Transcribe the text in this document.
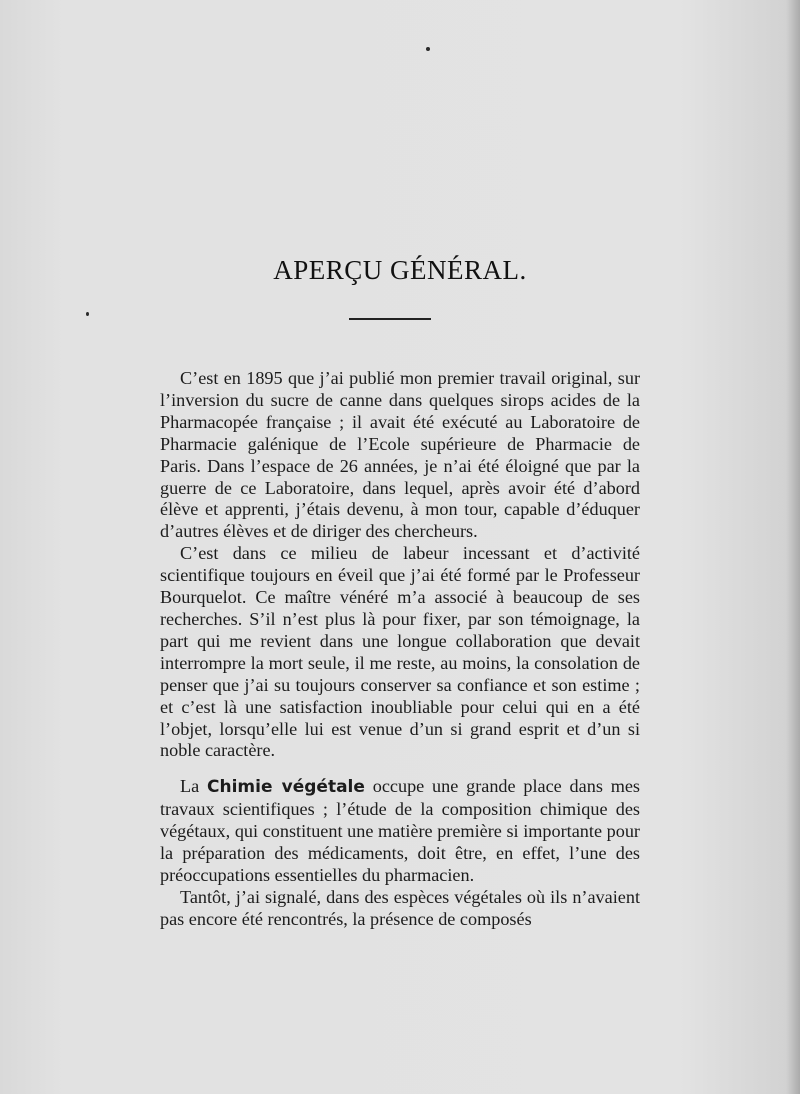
APERÇU GÉNÉRAL.

C’est en 1895 que j’ai publié mon premier travail original, sur l’inversion du sucre de canne dans quelques sirops acides de la Pharmacopée française ; il avait été exécuté au Laboratoire de Pharmacie galénique de l’Ecole supérieure de Pharmacie de Paris. Dans l’espace de 26 années, je n’ai été éloigné que par la guerre de ce Laboratoire, dans lequel, après avoir été d’abord élève et apprenti, j’étais devenu, à mon tour, capable d’éduquer d’autres élèves et de diriger des chercheurs.

C’est dans ce milieu de labeur incessant et d’activité scientifique toujours en éveil que j’ai été formé par le Professeur Bourquelot. Ce maître vénéré m’a associé à beaucoup de ses recherches. S’il n’est plus là pour fixer, par son témoignage, la part qui me revient dans une longue collaboration que devait interrompre la mort seule, il me reste, au moins, la consolation de penser que j’ai su toujours conserver sa confiance et son estime ; et c’est là une satisfaction inoubliable pour celui qui en a été l’objet, lorsqu’elle lui est venue d’un si grand esprit et d’un si noble caractère.

La Chimie végétale occupe une grande place dans mes travaux scientifiques ; l’étude de la composition chimique des végétaux, qui constituent une matière première si importante pour la préparation des médicaments, doit être, en effet, l’une des préoccupations essentielles du pharmacien.

Tantôt, j’ai signalé, dans des espèces végétales où ils n’avaient pas encore été rencontrés, la présence de composés
